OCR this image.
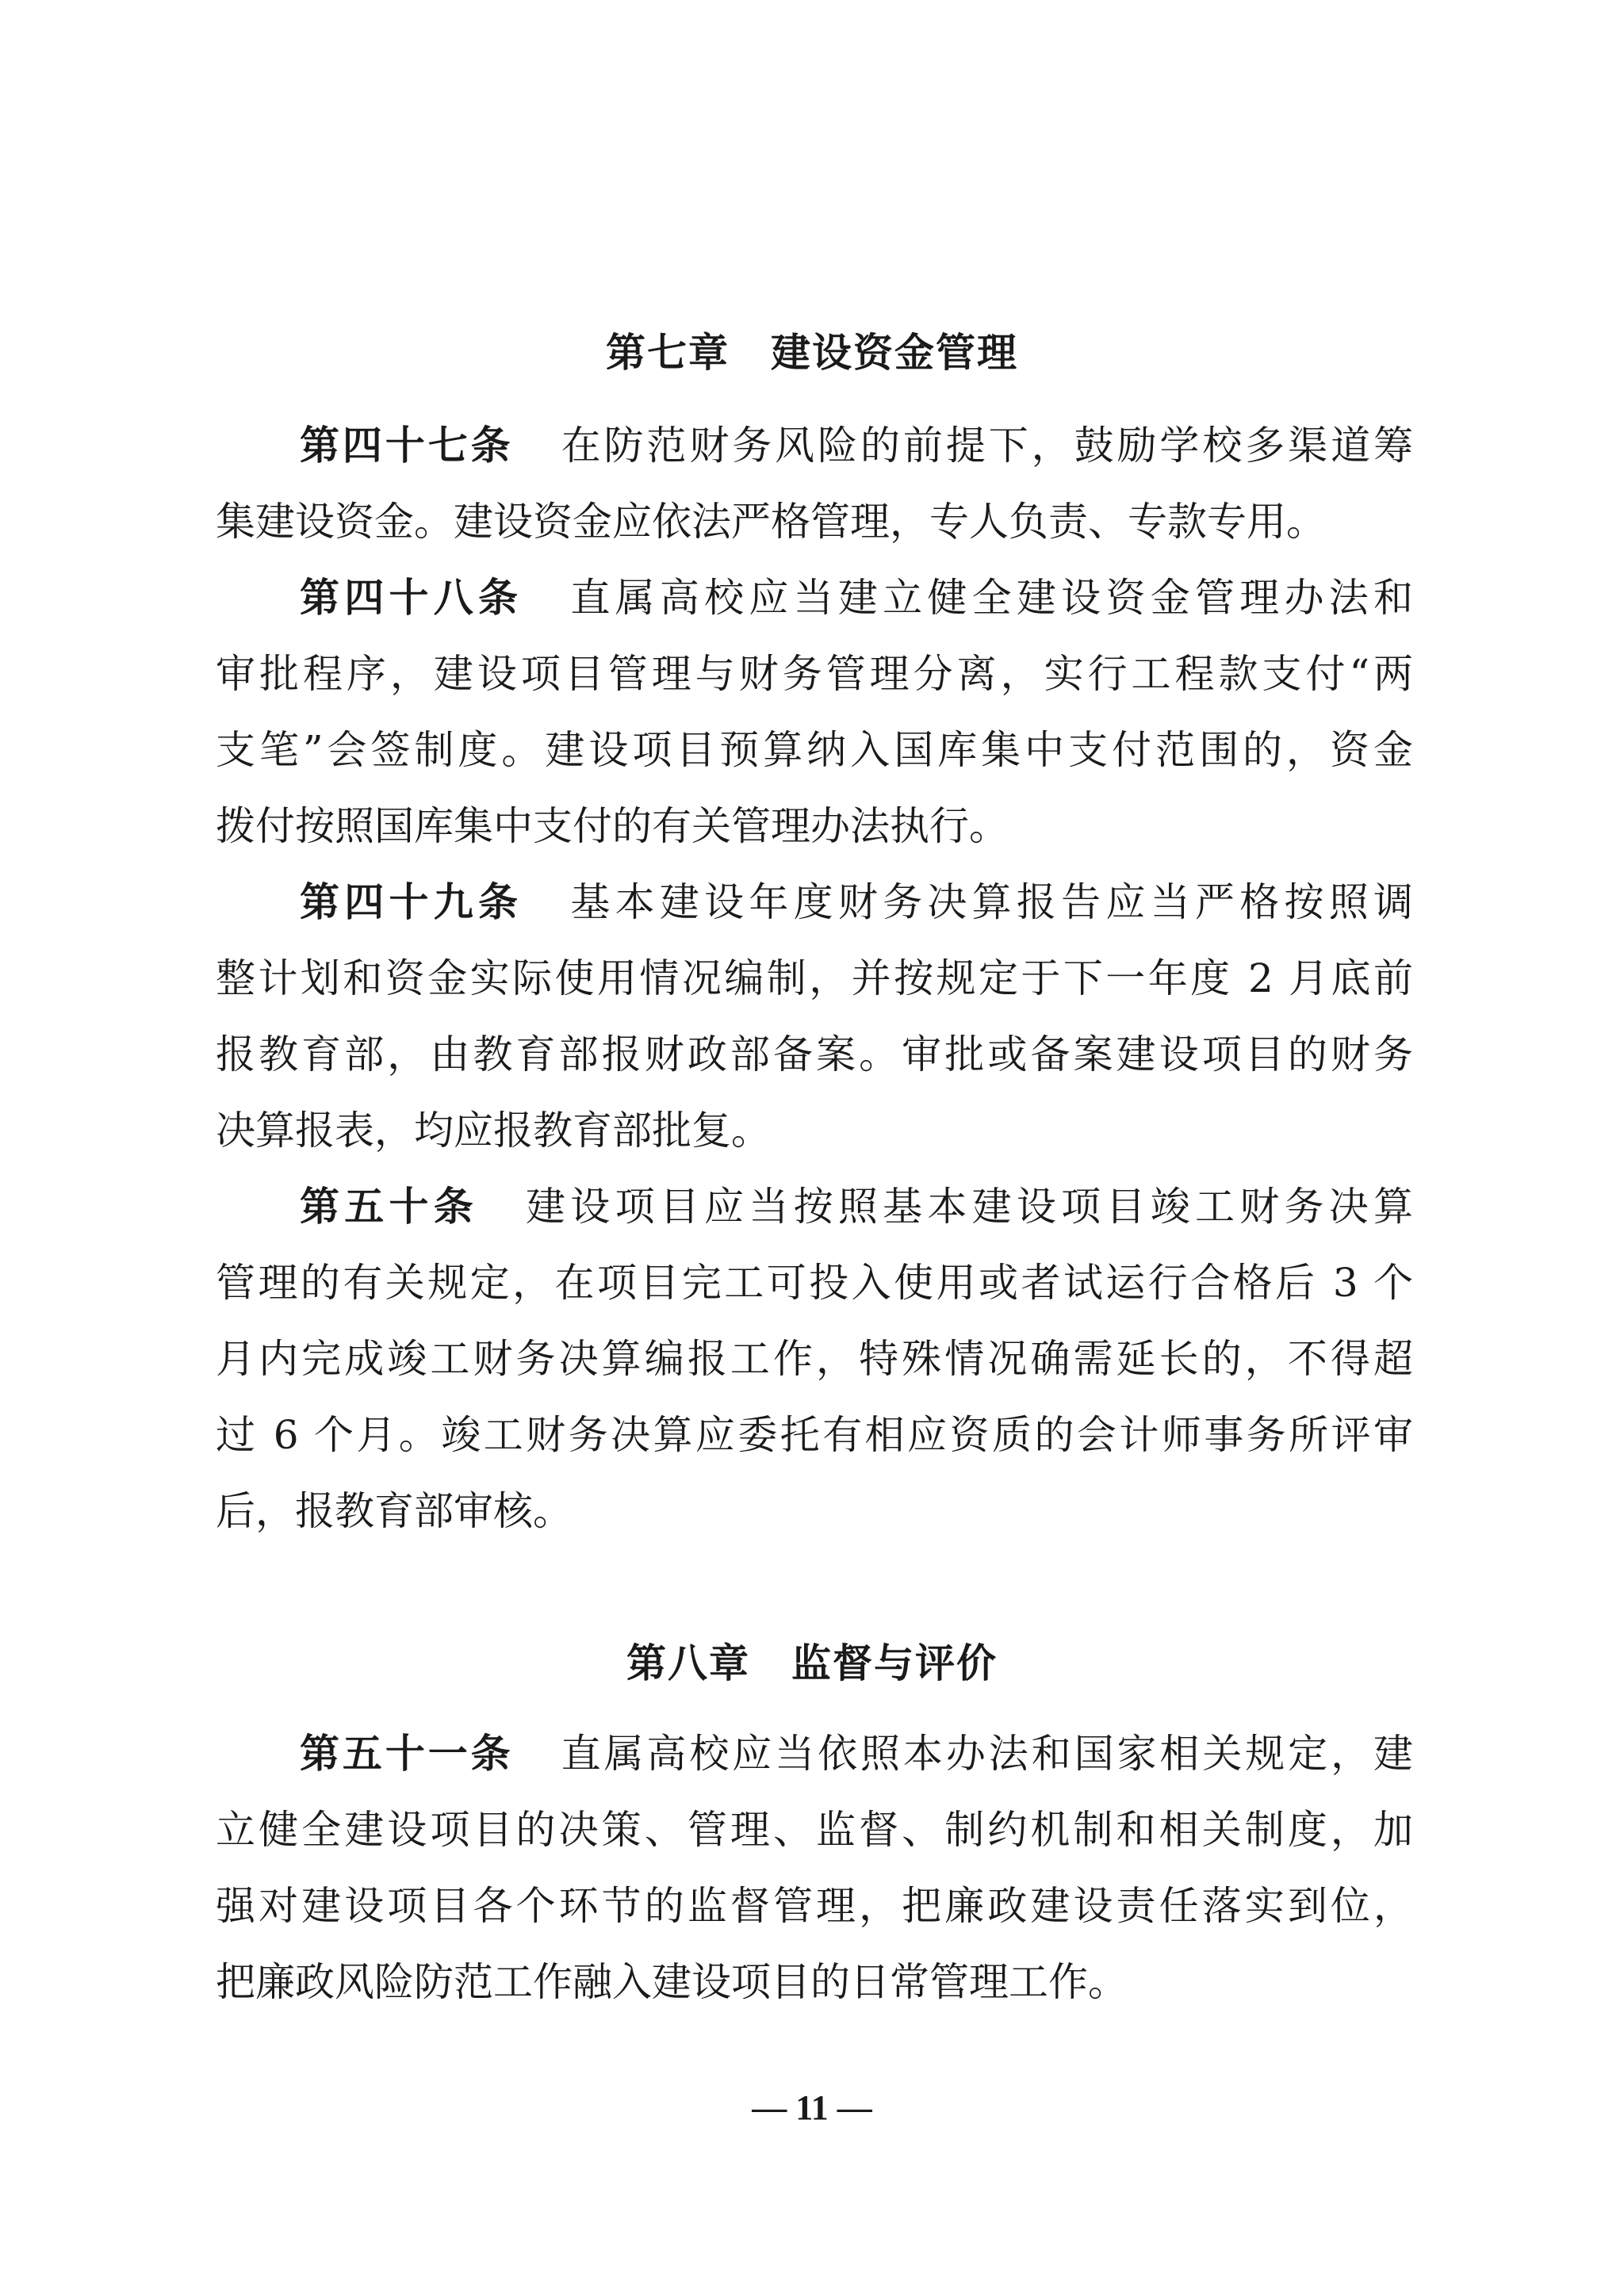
第七章　建设资金管理
第四十七条 在防范财务风险的前提下，鼓励学校多渠道筹
集建设资金。建设资金应依法严格管理，专人负责、专款专用。
第四十八条 直属高校应当建立健全建设资金管理办法和
审批程序，建设项目管理与财务管理分离，实行工程款支付“两
支笔”会签制度。建设项目预算纳入国库集中支付范围的，资金
拨付按照国库集中支付的有关管理办法执行。
第四十九条 基本建设年度财务决算报告应当严格按照调
整计划和资金实际使用情况编制，并按规定于下一年度 2 月底前
报教育部，由教育部报财政部备案。审批或备案建设项目的财务
决算报表，均应报教育部批复。
第五十条 建设项目应当按照基本建设项目竣工财务决算
管理的有关规定，在项目完工可投入使用或者试运行合格后 3 个
月内完成竣工财务决算编报工作，特殊情况确需延长的，不得超
过 6 个月。竣工财务决算应委托有相应资质的会计师事务所评审
后，报教育部审核。
第八章　监督与评价
第五十一条 直属高校应当依照本办法和国家相关规定，建
立健全建设项目的决策、管理、监督、制约机制和相关制度，加
强对建设项目各个环节的监督管理，把廉政建设责任落实到位，
把廉政风险防范工作融入建设项目的日常管理工作。
— 11 —
